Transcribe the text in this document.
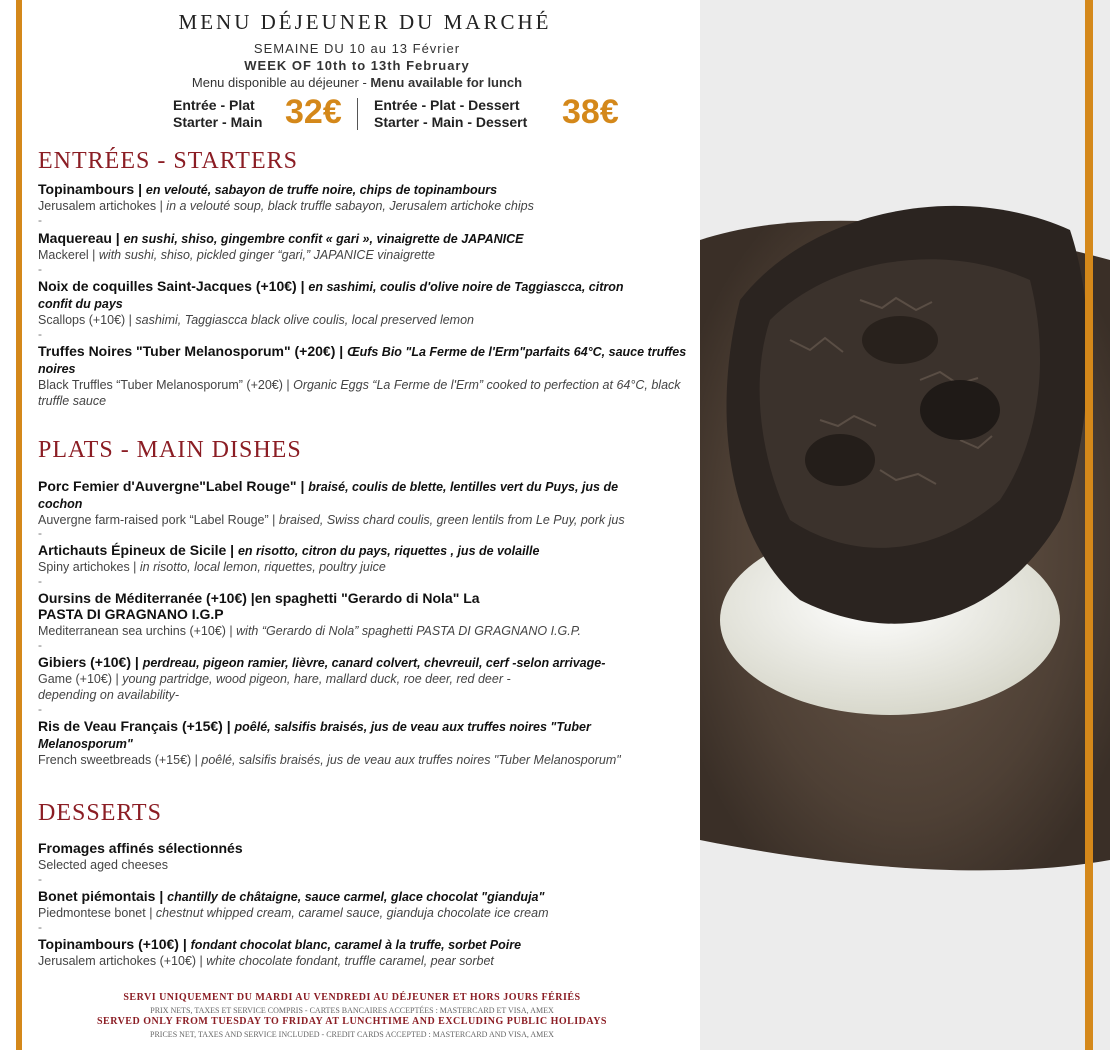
MENU DÉJEUNER DU MARCHÉ
SEMAINE DU 10 au 13 Février
WEEK OF 10th to 13th February
Menu disponible au déjeuner - Menu available for lunch
Entrée - Plat
Starter - Main 32€ Entrée - Plat - Dessert
Starter - Main - Dessert 38€
ENTRÉES - STARTERS
Topinambours | en velouté, sabayon de truffe noire, chips de topinambours
Jerusalem artichokes | in a velouté soup, black truffle sabayon, Jerusalem artichoke chips
-
Maquereau | en sushi, shiso, gingembre confit « gari », vinaigrette de JAPANICE
Mackerel | with sushi, shiso, pickled ginger “gari,” JAPANICE vinaigrette
-
Noix de coquilles Saint-Jacques (+10€) | en sashimi, coulis d'olive noire de Taggiascca, citron confit du pays
Scallops (+10€) | sashimi, Taggiascca black olive coulis, local preserved lemon
-
Truffes Noires "Tuber Melanosporum" (+20€) | Œufs Bio "La Ferme de l'Erm"parfaits 64°C, sauce truffes noires
Black Truffles “Tuber Melanosporum” (+20€) | Organic Eggs “La Ferme de l'Erm” cooked to perfection at 64°C, black truffle sauce
PLATS - MAIN DISHES
Porc Femier d'Auvergne"Label Rouge" | braisé, coulis de blette, lentilles vert du Puys, jus de cochon
Auvergne farm-raised pork “Label Rouge” | braised, Swiss chard coulis, green lentils from Le Puy, pork jus
-
Artichauts Épineux de Sicile | en risotto, citron du pays, riquettes , jus de volaille
Spiny artichokes | in risotto, local lemon, riquettes, poultry juice
-
Oursins de Méditerranée (+10€) |en spaghetti "Gerardo di Nola" La PASTA DI GRAGNANO I.G.P
Mediterranean sea urchins (+10€) | with “Gerardo di Nola” spaghetti PASTA DI GRAGNANO I.G.P.
-
Gibiers (+10€) | perdreau, pigeon ramier, lièvre, canard colvert, chevreuil, cerf -selon arrivage-
Game (+10€) | young partridge, wood pigeon, hare, mallard duck, roe deer, red deer -depending on availability-
-
Ris de Veau Français (+15€) | poêlé, salsifis braisés, jus de veau aux truffes noires "Tuber Melanosporum"
French sweetbreads (+15€) | poêlé, salsifis braisés, jus de veau aux truffes noires "Tuber Melanosporum"
DESSERTS
Fromages affinés sélectionnés
Selected aged cheeses
-
Bonet piémontais | chantilly de châtaigne, sauce carmel, glace chocolat "gianduja"
Piedmontese bonet | chestnut whipped cream, caramel sauce, gianduja chocolate ice cream
-
Topinambours (+10€) | fondant chocolat blanc, caramel à la truffe, sorbet Poire
Jerusalem artichokes (+10€) | white chocolate fondant, truffle caramel, pear sorbet
SERVI UNIQUEMENT DU MARDI AU VENDREDI AU DÉJEUNER ET HORS JOURS FÉRIÉS
PRIX NETS, TAXES ET SERVICE COMPRIS - CARTES BANCAIRES ACCEPTÉES : MASTERCARD ET VISA, AMEX
SERVED ONLY FROM TUESDAY TO FRIDAY AT LUNCHTIME AND EXCLUDING PUBLIC HOLIDAYS
PRICES NET, TAXES AND SERVICE INCLUDED - CREDIT CARDS ACCEPTED : MASTERCARD AND VISA, AMEX
